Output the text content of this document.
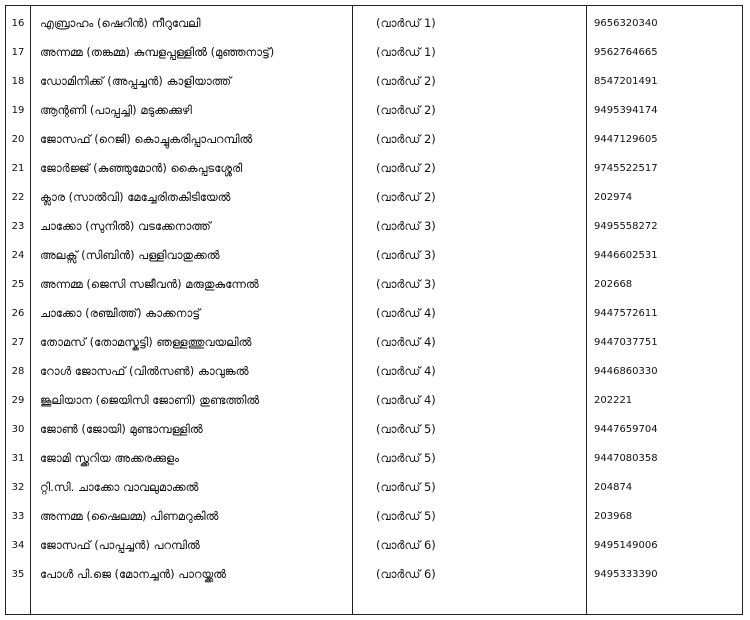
16	എബ്രാഹം (ഷെറിൻ) നീറുവേലി	(വാർഡ് 1)	9656320340
17	അന്നമ്മ (തങ്കമ്മ) കുമ്പളപ്പള്ളിൽ (മുഞ്ഞനാട്ട്)	(വാർഡ് 1)	9562764665
18	ഡോമിനിക്ക് (അപ്പച്ചൻ) കാളിയാത്ത്	(വാർഡ് 2)	8547201491
19	ആന്റണി (പാപ്പച്ചി) മടുക്കക്കുഴി	(വാർഡ് 2)	9495394174
20	ജോസഫ് (റെജി) കൊച്ചുകരിപ്പാപറമ്പിൽ	(വാർഡ് 2)	9447129605
21	ജോർജ്ജ് (കുഞ്ഞുമോൻ) കൈപ്പടശ്ശേരി	(വാർഡ് 2)	9745522517
22	ക്ലാര (സാൽവി) മേച്ചേരിതകിടിയേൽ	(വാർഡ് 2)	202974
23	ചാക്കോ (സുനിൽ) വടക്കേനാത്ത്	(വാർഡ് 3)	9495558272
24	അലക്സ് (സിബിൻ) പള്ളിവാതുക്കൽ	(വാർഡ് 3)	9446602531
25	അന്നമ്മ (ജെസി സജീവൻ) മരുതുകുന്നേൽ	(വാർഡ് 3)	202668
26	ചാക്കോ (രഞ്ചിത്ത്) കാക്കനാട്ട്	(വാർഡ് 4)	9447572611
27	തോമസ് (തോമസ്കുട്ടി) ഞള്ളത്തുവയലിൽ	(വാർഡ് 4)	9447037751
28	റോൾ ജോസഫ് (വിൽസൺ) കാവുങ്കൽ	(വാർഡ് 4)	9446860330
29	ജൂലിയാന (ജെയിസി ജോണി) തുണ്ടത്തിൽ	(വാർഡ് 4)	202221
30	ജോൺ (ജോയി) മുണ്ടാമ്പള്ളിൽ	(വാർഡ് 5)	9447659704
31	ജോമി സ്ക്കറിയ അക്കരക്കുളം	(വാർഡ് 5)	9447080358
32	റ്റി.സി. ചാക്കോ വാവലുമാക്കൽ	(വാർഡ് 5)	204874
33	അന്നമ്മ (ഷൈലമ്മ) പിണമറുകിൽ	(വാർഡ് 5)	203968
34	ജോസഫ് (പാപ്പച്ചൻ) പറമ്പിൽ	(വാർഡ് 6)	9495149006
35	പോൾ പി.ജെ (മോനച്ചൻ) പാറയ്ക്കൽ	(വാർഡ് 6)	9495333390
